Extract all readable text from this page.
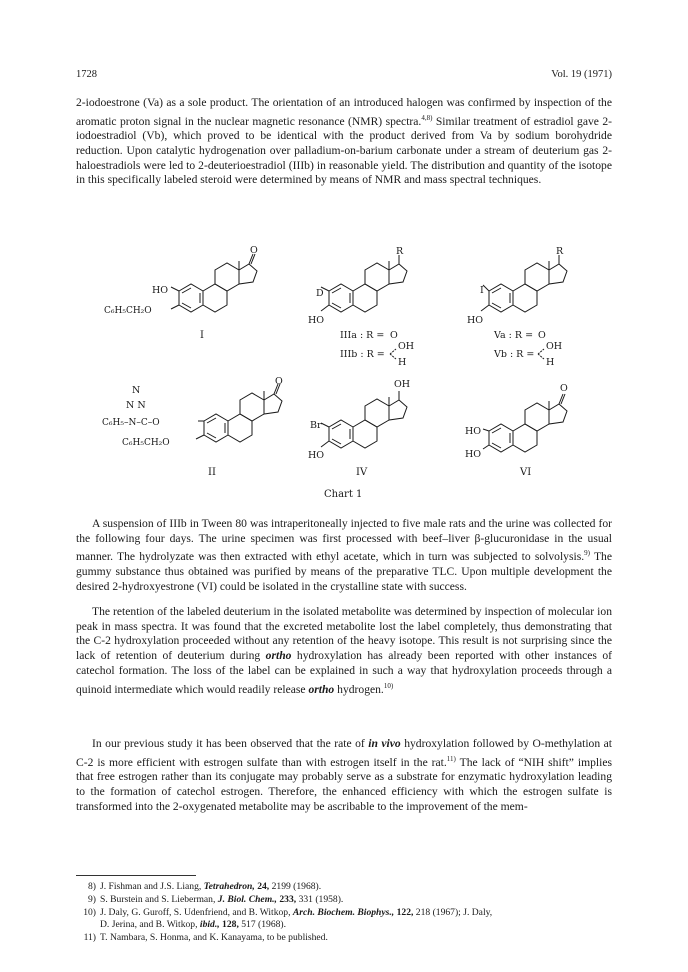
1728	Vol. 19 (1971)

2-iodoestrone (Va) as a sole product. The orientation of an introduced halogen was confirmed by inspection of the aromatic proton signal in the nuclear magnetic resonance (NMR) spectra.$^{4,8)}$ Similar treatment of estradiol gave 2-iodoestradiol (Vb), which proved to be identical with the product derived from Va by sodium borohydride reduction. Upon catalytic hydrogenation over palladium-on-barium carbonate under a stream of deuterium gas 2-haloestradiols were led to 2-deuterioestradiol (IIIb) in reasonable yield. The distribution and quantity of the isotope in this specifically labeled steroid were determined by means of NMR and mass spectral techniques.

O
HO
C₆H₅CH₂O
I
R
D
HO
IIIa : R = O
IIIb : R =
OH
H
R
I
HO
Va : R = O
Vb : R =
OH
H
O
N
N N
C₆H₅–N–C–O
C₆H₅CH₂O
II
OH
Br
HO
IV
O
HO
HO
VI
Chart 1

A suspension of IIIb in Tween 80 was intraperitoneally injected to five male rats and the urine was collected for the following four days. The urine specimen was first processed with beef–liver β-glucuronidase in the usual manner. The hydrolyzate was then extracted with ethyl acetate, which in turn was subjected to solvolysis.$^{9)}$ The gummy substance thus obtained was purified by means of the preparative TLC. Upon multiple development the desired 2-hydroxyestrone (VI) could be isolated in the crystalline state with success.

The retention of the labeled deuterium in the isolated metabolite was determined by inspection of molecular ion peak in mass spectra. It was found that the excreted metabolite lost the label completely, thus demonstrating that the C-2 hydroxylation proceeded without any retention of the heavy isotope. This result is not surprising since the lack of retention of deuterium during ortho hydroxylation has already been reported with other instances of catechol formation. The loss of the label can be explained in such a way that hydroxylation proceeds through a quinoid intermediate which would readily release ortho hydrogen.$^{10)}$

In our previous study it has been observed that the rate of in vivo hydroxylation followed by O-methylation at C-2 is more efficient with estrogen sulfate than with estrogen itself in the rat.$^{11)}$ The lack of “NIH shift” implies that free estrogen rather than its conjugate may probably serve as a substrate for enzymatic hydroxylation leading to the formation of catechol estrogen. Therefore, the enhanced efficiency with which the estrogen sulfate is transformed into the 2-oxygenated metabolite may be ascribable to the improvement of the mem-

8) J. Fishman and J.S. Liang, Tetrahedron, 24, 2199 (1968).
9) S. Burstein and S. Lieberman, J. Biol. Chem., 233, 331 (1958).
10) J. Daly, G. Guroff, S. Udenfriend, and B. Witkop, Arch. Biochem. Biophys., 122, 218 (1967); J. Daly,
D. Jerina, and B. Witkop, ibid., 128, 517 (1968).
11) T. Nambara, S. Honma, and K. Kanayama, to be published.
